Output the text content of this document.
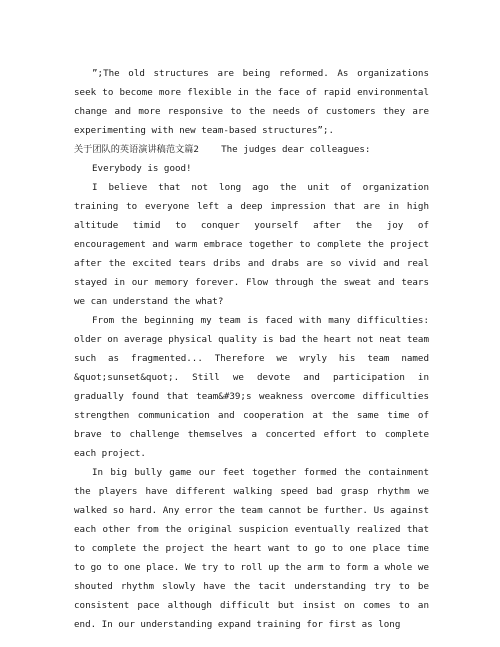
”;The old structures are being reformed. As organizations seek to become more flexible in the face of rapid environmental change and more responsive to the needs of customers they are experimenting with new team-based structures”;.

关于团队的英语演讲稿范文篇2    The judges dear colleagues:

Everybody is good!

I believe that not long ago the unit of organization training to everyone left a deep impression that are in high altitude timid to conquer yourself after the joy of encouragement and warm embrace together to complete the project after the excited tears dribs and drabs are so vivid and real stayed in our memory forever. Flow through the sweat and tears we can understand the what?

From the beginning my team is faced with many difficulties: older on average physical quality is bad the heart not neat team such as fragmented... Therefore we wryly his team named &quot;sunset&quot;. Still we devote and participation in gradually found that team&#39;s weakness overcome difficulties strengthen communication and cooperation at the same time of brave to challenge themselves a concerted effort to complete each project.

In big bully game our feet together formed the containment the players have different walking speed bad grasp rhythm we walked so hard. Any error the team cannot be further. Us against each other from the original suspicion eventually realized that to complete the project the heart want to go to one place time to go to one place. We try to roll up the arm to form a whole we shouted rhythm slowly have the tacit understanding try to be consistent pace although difficult but insist on comes to an end. In our understanding expand training for first as long
